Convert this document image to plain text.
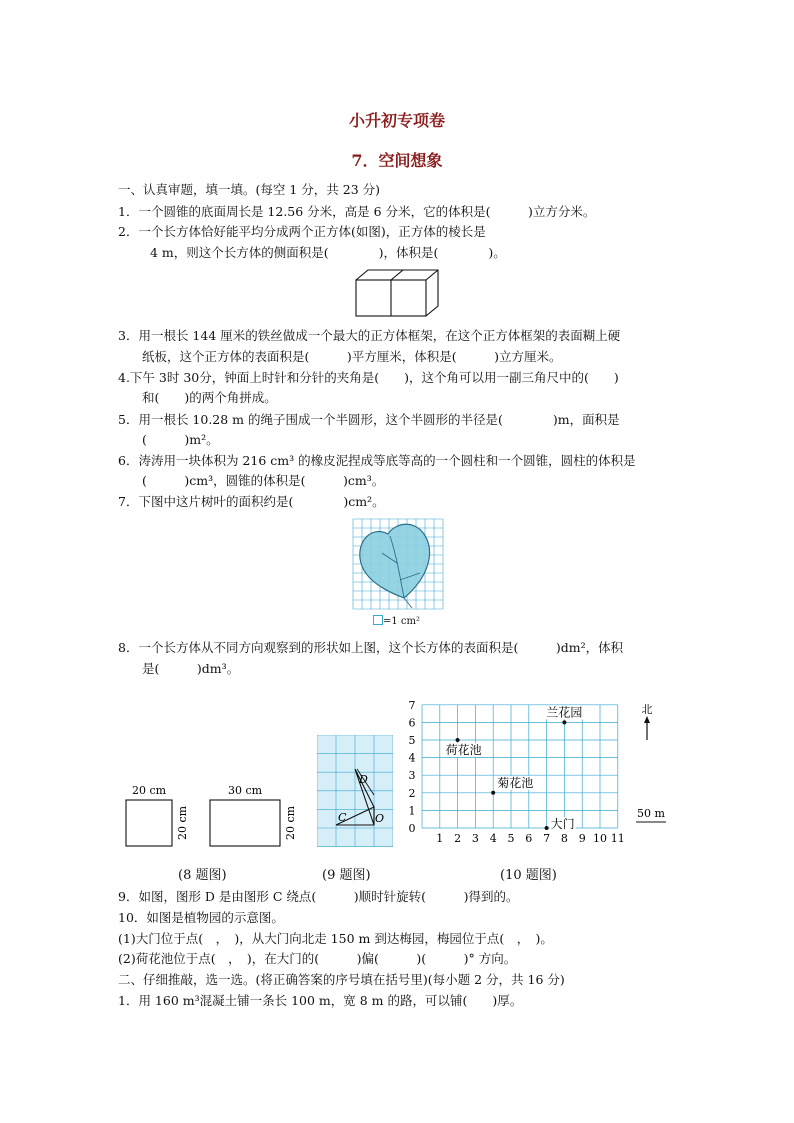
小升初专项卷
7．空间想象
一、认真审题，填一填。(每空 1 分，共 23 分)
1．一个圆锥的底面周长是 12.56 分米，高是 6 分米，它的体积是(　　　)立方分米。
2．一个长方体恰好能平均分成两个正方体(如图)，正方体的棱长是
4 m，则这个长方体的侧面积是(　　　　)，体积是(　　　　)。
3．用一根长 144 厘米的铁丝做成一个最大的正方体框架，在这个正方体框架的表面糊上硬
纸板，这个正方体的表面积是(　　　)平方厘米，体积是(　　　)立方厘米。
4.下午 3时 30分，钟面上时针和分针的夹角是(　　)，这个角可以用一副三角尺中的(　　)
和(　　)的两个角拼成。
5．用一根长 10.28 m 的绳子围成一个半圆形，这个半圆形的半径是(　　　　)m，面积是
(　　　)m²。
6．涛涛用一块体积为 216 cm³ 的橡皮泥捏成等底等高的一个圆柱和一个圆锥，圆柱的体积是
(　　　)cm³，圆锥的体积是(　　　)cm³。
7．下图中这片树叶的面积约是(　　　　)cm²。
=1 cm²
8．一个长方体从不同方向观察到的形状如上图，这个长方体的表面积是(　　　)dm²，体积
是(　　　)dm³。
20 cm
20 cm
30 cm
20 cm	C
D
O
0
1
2
3
4
5
6
7
1 2 3 4 5 6 7 8 9 10 11
兰花园
荷花池
菊花池
大门
北
50 m
(8 题图)	(9 题图)	(10 题图)
9．如图，图形 D 是由图形 C 绕点(　　　)顺时针旋转(　　　)得到的。
10．如图是植物园的示意图。
(1)大门位于点(　，　)，从大门向北走 150 m 到达梅园，梅园位于点(　，　)。
(2)荷花池位于点(　，　)，在大门的(　　　)偏(　　　)(　　　)° 方向。
二、仔细推敲，选一选。(将正确答案的序号填在括号里)(每小题 2 分，共 16 分)
1．用 160 m³混凝土铺一条长 100 m，宽 8 m 的路，可以铺(　　)厚。
